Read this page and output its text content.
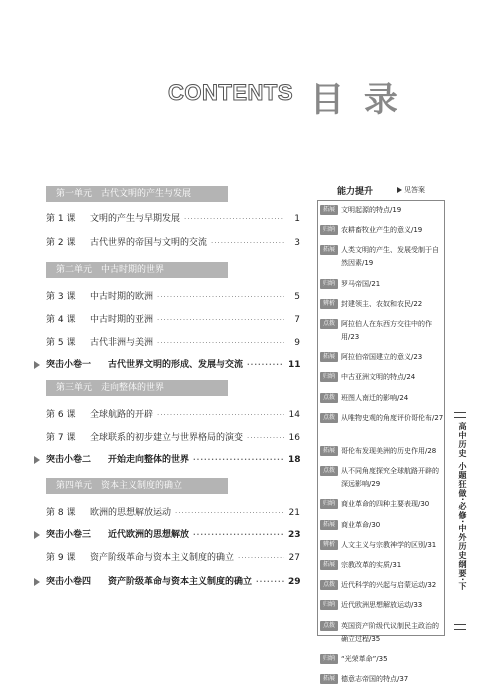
CONTENTS 目 录
第一单元　古代文明的产生与发展
第 1 课	文明的产生与早期发展 ·····	1
第 2 课	古代世界的帝国与文明的交流 ·····	3
第二单元　中古时期的世界
第 3 课	中古时期的欧洲 ·····	5
第 4 课	中古时期的亚洲 ·····	7
第 5 课	古代非洲与美洲 ·····	9
突击小卷一	古代世界文明的形成、发展与交流 ·····	11
第三单元　走向整体的世界
第 6 课	全球航路的开辟 ·····	14
第 7 课	全球联系的初步建立与世界格局的演变 ·····	16
突击小卷二	开始走向整体的世界 ·····	18
第四单元　资本主义制度的确立
第 8 课	欧洲的思想解放运动 ·····	21
突击小卷三	近代欧洲的思想解放 ·····	23
第 9 课	资产阶级革命与资本主义制度的确立 ·····	27
突击小卷四	资产阶级革命与资本主义制度的确立 ·····	29
能力提升	见答案
拓展 文明起源的特点/19
归纳 农耕畜牧业产生的意义/19
拓展 人类文明的产生、发展受制于自然因素/19
归纳 罗马帝国/21
辨析 封建领主、农奴和农民/22
点拨 阿拉伯人在东西方交往中的作用/23
拓展 阿拉伯帝国建立的意义/23
归纳 中古亚洲文明的特点/24
点拨 班图人南迁的影响/24
点拨 从唯物史观的角度评价哥伦布/27
拓展 哥伦布发现美洲的历史作用/28
点拨 从不同角度探究全球航路开辟的深远影响/29
归纳 商业革命的四种主要表现/30
拓展 商业革命/30
辨析 人文主义与宗教神学的区别/31
拓展 宗教改革的实质/31
点拨 近代科学的兴起与启蒙运动/32
归纳 近代欧洲思想解放运动/33
点拨 英国资产阶级代议制民主政治的确立过程/35
归纳 “光荣革命”/35
拓展 德意志帝国的特点/37
高中历史 小题狂做·必修·中外历史纲要·下
